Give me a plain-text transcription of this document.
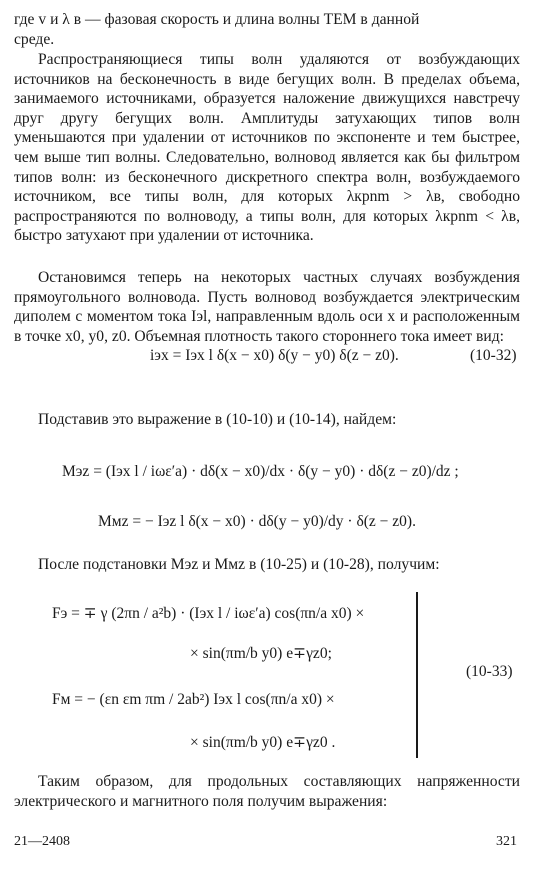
где v и λ в — фазовая скорость и длина волны ТЕМ в данной
среде.
Распространяющиеся типы волн удаляются от возбуждающих источников на бесконечность в виде бегущих волн. В пределах объема, занимаемого источниками, образуется наложение движущихся навстречу друг другу бегущих волн. Амплитуды затухающих типов волн уменьшаются при удалении от источников по экспоненте и тем быстрее, чем выше тип волны. Следовательно, волновод является как бы фильтром типов волн: из бесконечного дискретного спектра волн, возбуждаемого источником, все типы волн, для которых λкрnm > λв, свободно распространяются по волноводу, а типы волн, для которых λкрnm < λв, быстро затухают при удалении от источника.
Остановимся теперь на некоторых частных случаях возбуждения прямоугольного волновода. Пусть волновод возбуждается электрическим диполем с моментом тока Iэl, направленным вдоль оси x и расположенным в точке x0, y0, z0. Объемная плотность такого стороннего тока имеет вид:
iэx = Iэx l δ(x − x0) δ(y − y0) δ(z − z0).	(10-32)
Подставив это выражение в (10-10) и (10-14), найдем:
Mэz = (Iэx l / iωε′а) · dδ(x − x0)/dx · δ(y − y0) · dδ(z − z0)/dz ;
Mмz = − Iэz l δ(x − x0) · dδ(y − y0)/dy · δ(z − z0).
После подстановки Mэz и Mмz в (10-25) и (10-28), получим:
Fэ = ∓ γ (2πn / a²b) · (Iэx l / iωε′а) cos(πn/a x0) ×
× sin(πm/b y0) e∓γz0;
Fм = − (εn εm πm / 2ab²) Iэx l cos(πn/a x0) ×
× sin(πm/b y0) e∓γz0 .
(10-33)
Таким образом, для продольных составляющих напряженности электрического и магнитного поля получим выражения:
21—2408	321
